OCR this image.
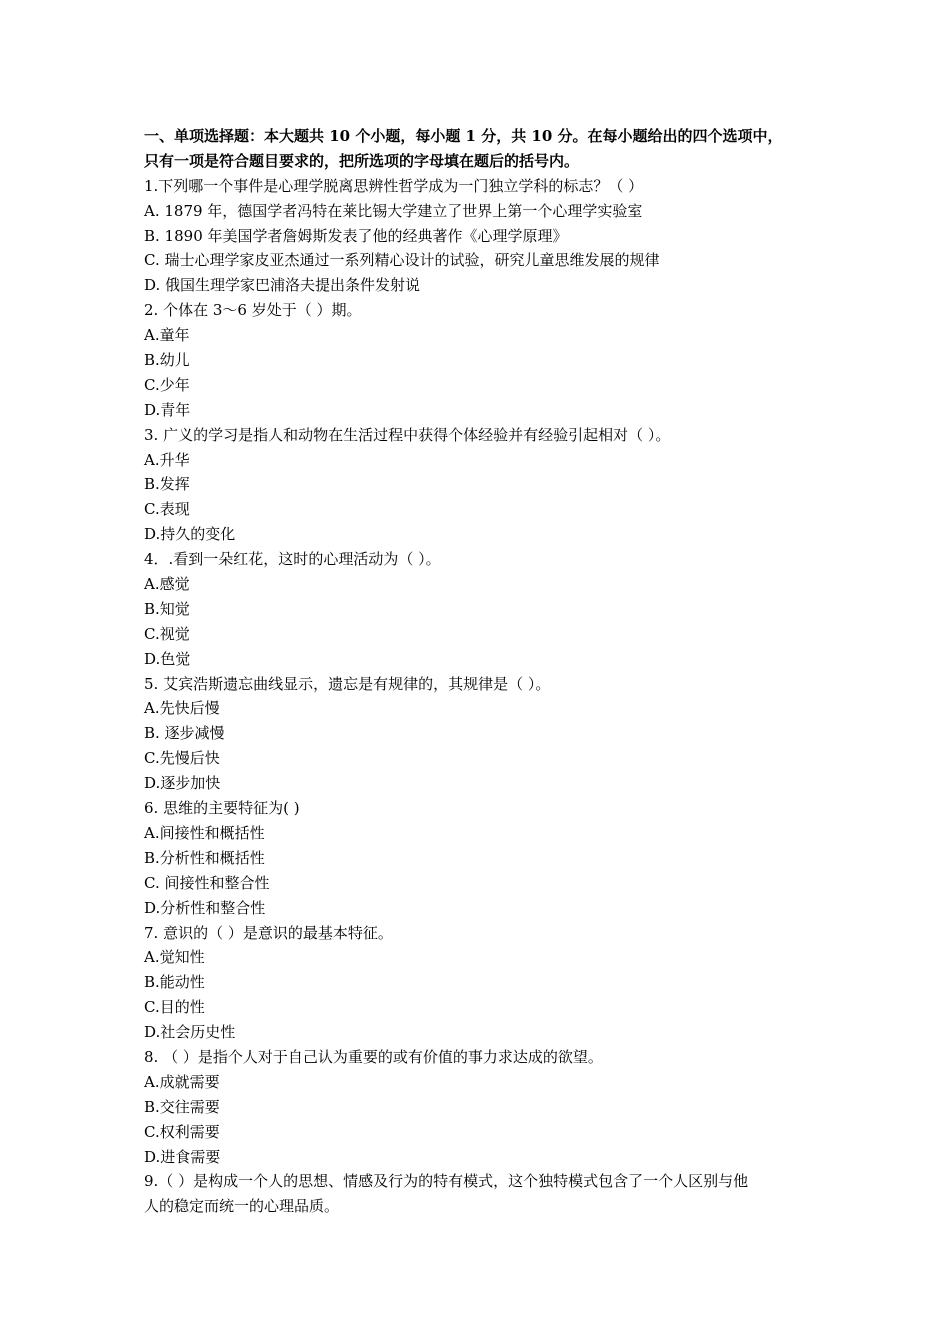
一、单项选择题：本大题共 10 个小题，每小题 1 分，共 10 分。在每小题给出的四个选项中，
只有一项是符合题目要求的，把所选项的字母填在题后的括号内。
1.下列哪一个事件是心理学脱离思辨性哲学成为一门独立学科的标志？（ ）
A. 1879 年，德国学者冯特在莱比锡大学建立了世界上第一个心理学实验室
B. 1890 年美国学者詹姆斯发表了他的经典著作《心理学原理》
C. 瑞士心理学家皮亚杰通过一系列精心设计的试验，研究儿童思维发展的规律
D. 俄国生理学家巴浦洛夫提出条件发射说
2. 个体在 3～6 岁处于（ ）期。
A.童年
B.幼儿
C.少年
D.青年
3. 广义的学习是指人和动物在生活过程中获得个体经验并有经验引起相对（ ）。
A.升华
B.发挥
C.表现
D.持久的变化
4．.看到一朵红花，这时的心理活动为（ ）。
A.感觉
B.知觉
C.视觉
D.色觉
5. 艾宾浩斯遗忘曲线显示，遗忘是有规律的，其规律是（ ）。
A.先快后慢
B. 逐步减慢
C.先慢后快
D.逐步加快
6. 思维的主要特征为( )
A.间接性和概括性
B.分析性和概括性
C. 间接性和整合性
D.分析性和整合性
7. 意识的（ ）是意识的最基本特征。
A.觉知性
B.能动性
C.目的性
D.社会历史性
8. （ ）是指个人对于自己认为重要的或有价值的事力求达成的欲望。
A.成就需要
B.交往需要
C.权利需要
D.进食需要
9.（ ）是构成一个人的思想、情感及行为的特有模式，这个独特模式包含了一个人区别与他
人的稳定而统一的心理品质。
